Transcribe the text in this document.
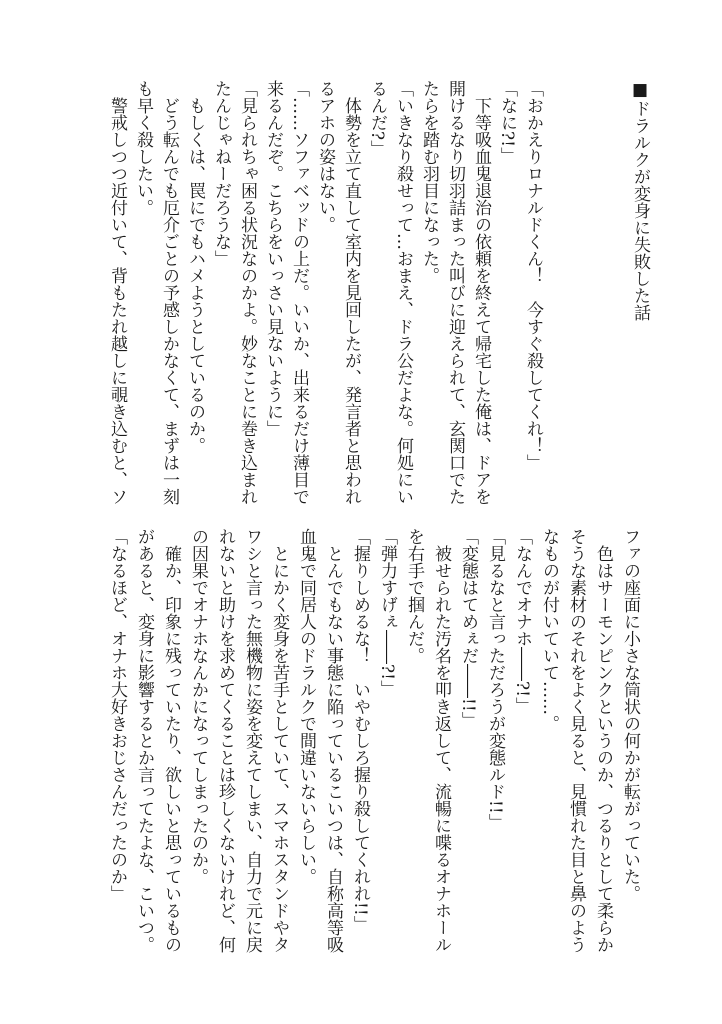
■ドラルクが変身に失敗した話
「おかえりロナルドくん！　今すぐ殺してくれ！」
「なに?!」
　下等吸血鬼退治の依頼を終えて帰宅した俺は、ドアを
開けるなり切羽詰まった叫びに迎えられて、玄関口でた
たらを踏む羽目になった。
「いきなり殺せって…おまえ、ドラ公だよな。何処にい
るんだ?」
　体勢を立て直して室内を見回したが、発言者と思われ
るアホの姿はない。
「……ソファベッドの上だ。いいか、出来るだけ薄目で
来るんだぞ。こちらをいっさい見ないように」
「見られちゃ困る状況なのかよ。妙なことに巻き込まれ
たんじゃねーだろうな」
　もしくは、罠にでもハメようとしているのか。
　どう転んでも厄介ごとの予感しかなくて、まずは一刻
も早く殺したい。
　警戒しつつ近付いて、背もたれ越しに覗き込むと、ソ
ファの座面に小さな筒状の何かが転がっていた。
　色はサーモンピンクというのか、つるりとして柔らか
そうな素材のそれをよく見ると、見慣れた目と鼻のよう
なものが付いていて……。
「なんでオナホ――?!」
「見るなと言っただろうが変態ルド!!」
「変態はてめぇだ――!!」
　被せられた汚名を叩き返して、流暢に喋るオナホール
を右手で掴んだ。
「弾力すげぇ――?!」
「握りしめるな！　いやむしろ握り殺してくれれ!!」
　とんでもない事態に陥っているこいつは、自称高等吸
血鬼で同居人のドラルクで間違いないらしい。
　とにかく変身を苦手としていて、スマホスタンドやタ
ワシと言った無機物に姿を変えてしまい、自力で元に戻
れないと助けを求めてくることは珍しくないけれど、何
の因果でオナホなんかになってしまったのか。
　確か、印象に残っていたり、欲しいと思っているもの
があると、変身に影響するとか言ってたよな、こいつ。
「なるほど、オナホ大好きおじさんだったのか」
